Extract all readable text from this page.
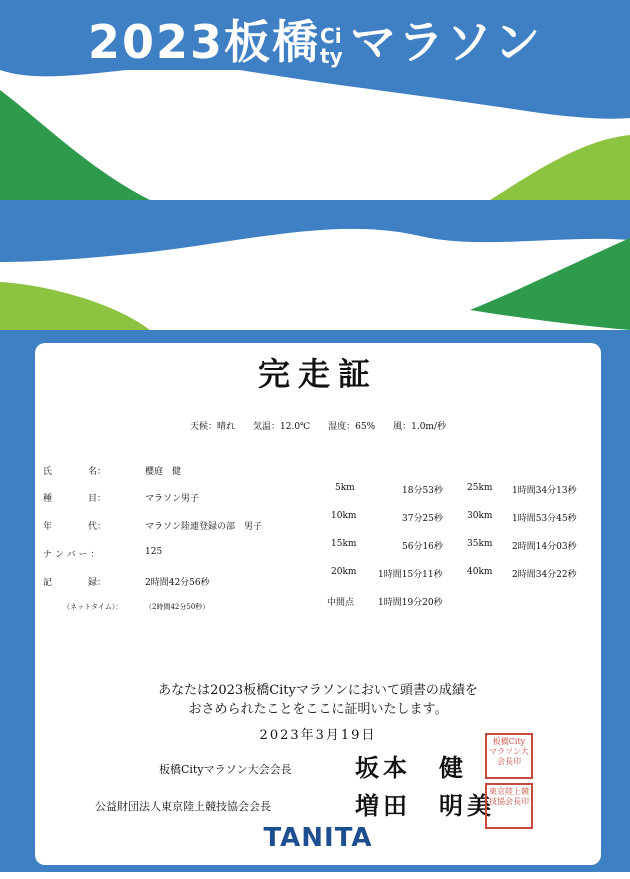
2023板橋City マラソン
完走証
天候：晴れ　　気温：12.0℃　　湿度：65%　　風：1.0m/秒
氏　　　　名：	櫻庭　健
種　　　　目：	マラソン男子
年　　　　代：	マラソン陸連登録の部　男子
ナ ン バ ー ：	125
記　　　　録：	2時間42分56秒
（ネットタイム）：	（2時間42分50秒）
5km	18分53秒
10km	37分25秒
15km	56分16秒
20km 1時間15分11秒
中間点	1時間19分20秒
25km 1時間34分13秒
30km 1時間53分45秒
35km 2時間14分03秒
40km 2時間34分22秒
あなたは2023板橋Cityマラソンにおいて頭書の成績を
おさめられたことをここに証明いたします。
2023年3月19日
板橋Cityマラソン大会会長	坂本　健
公益財団法人東京陸上競技協会会長	増田　明美
板橋Cityマラソン大会長印
東京陸上競技協会長印
TANITA
